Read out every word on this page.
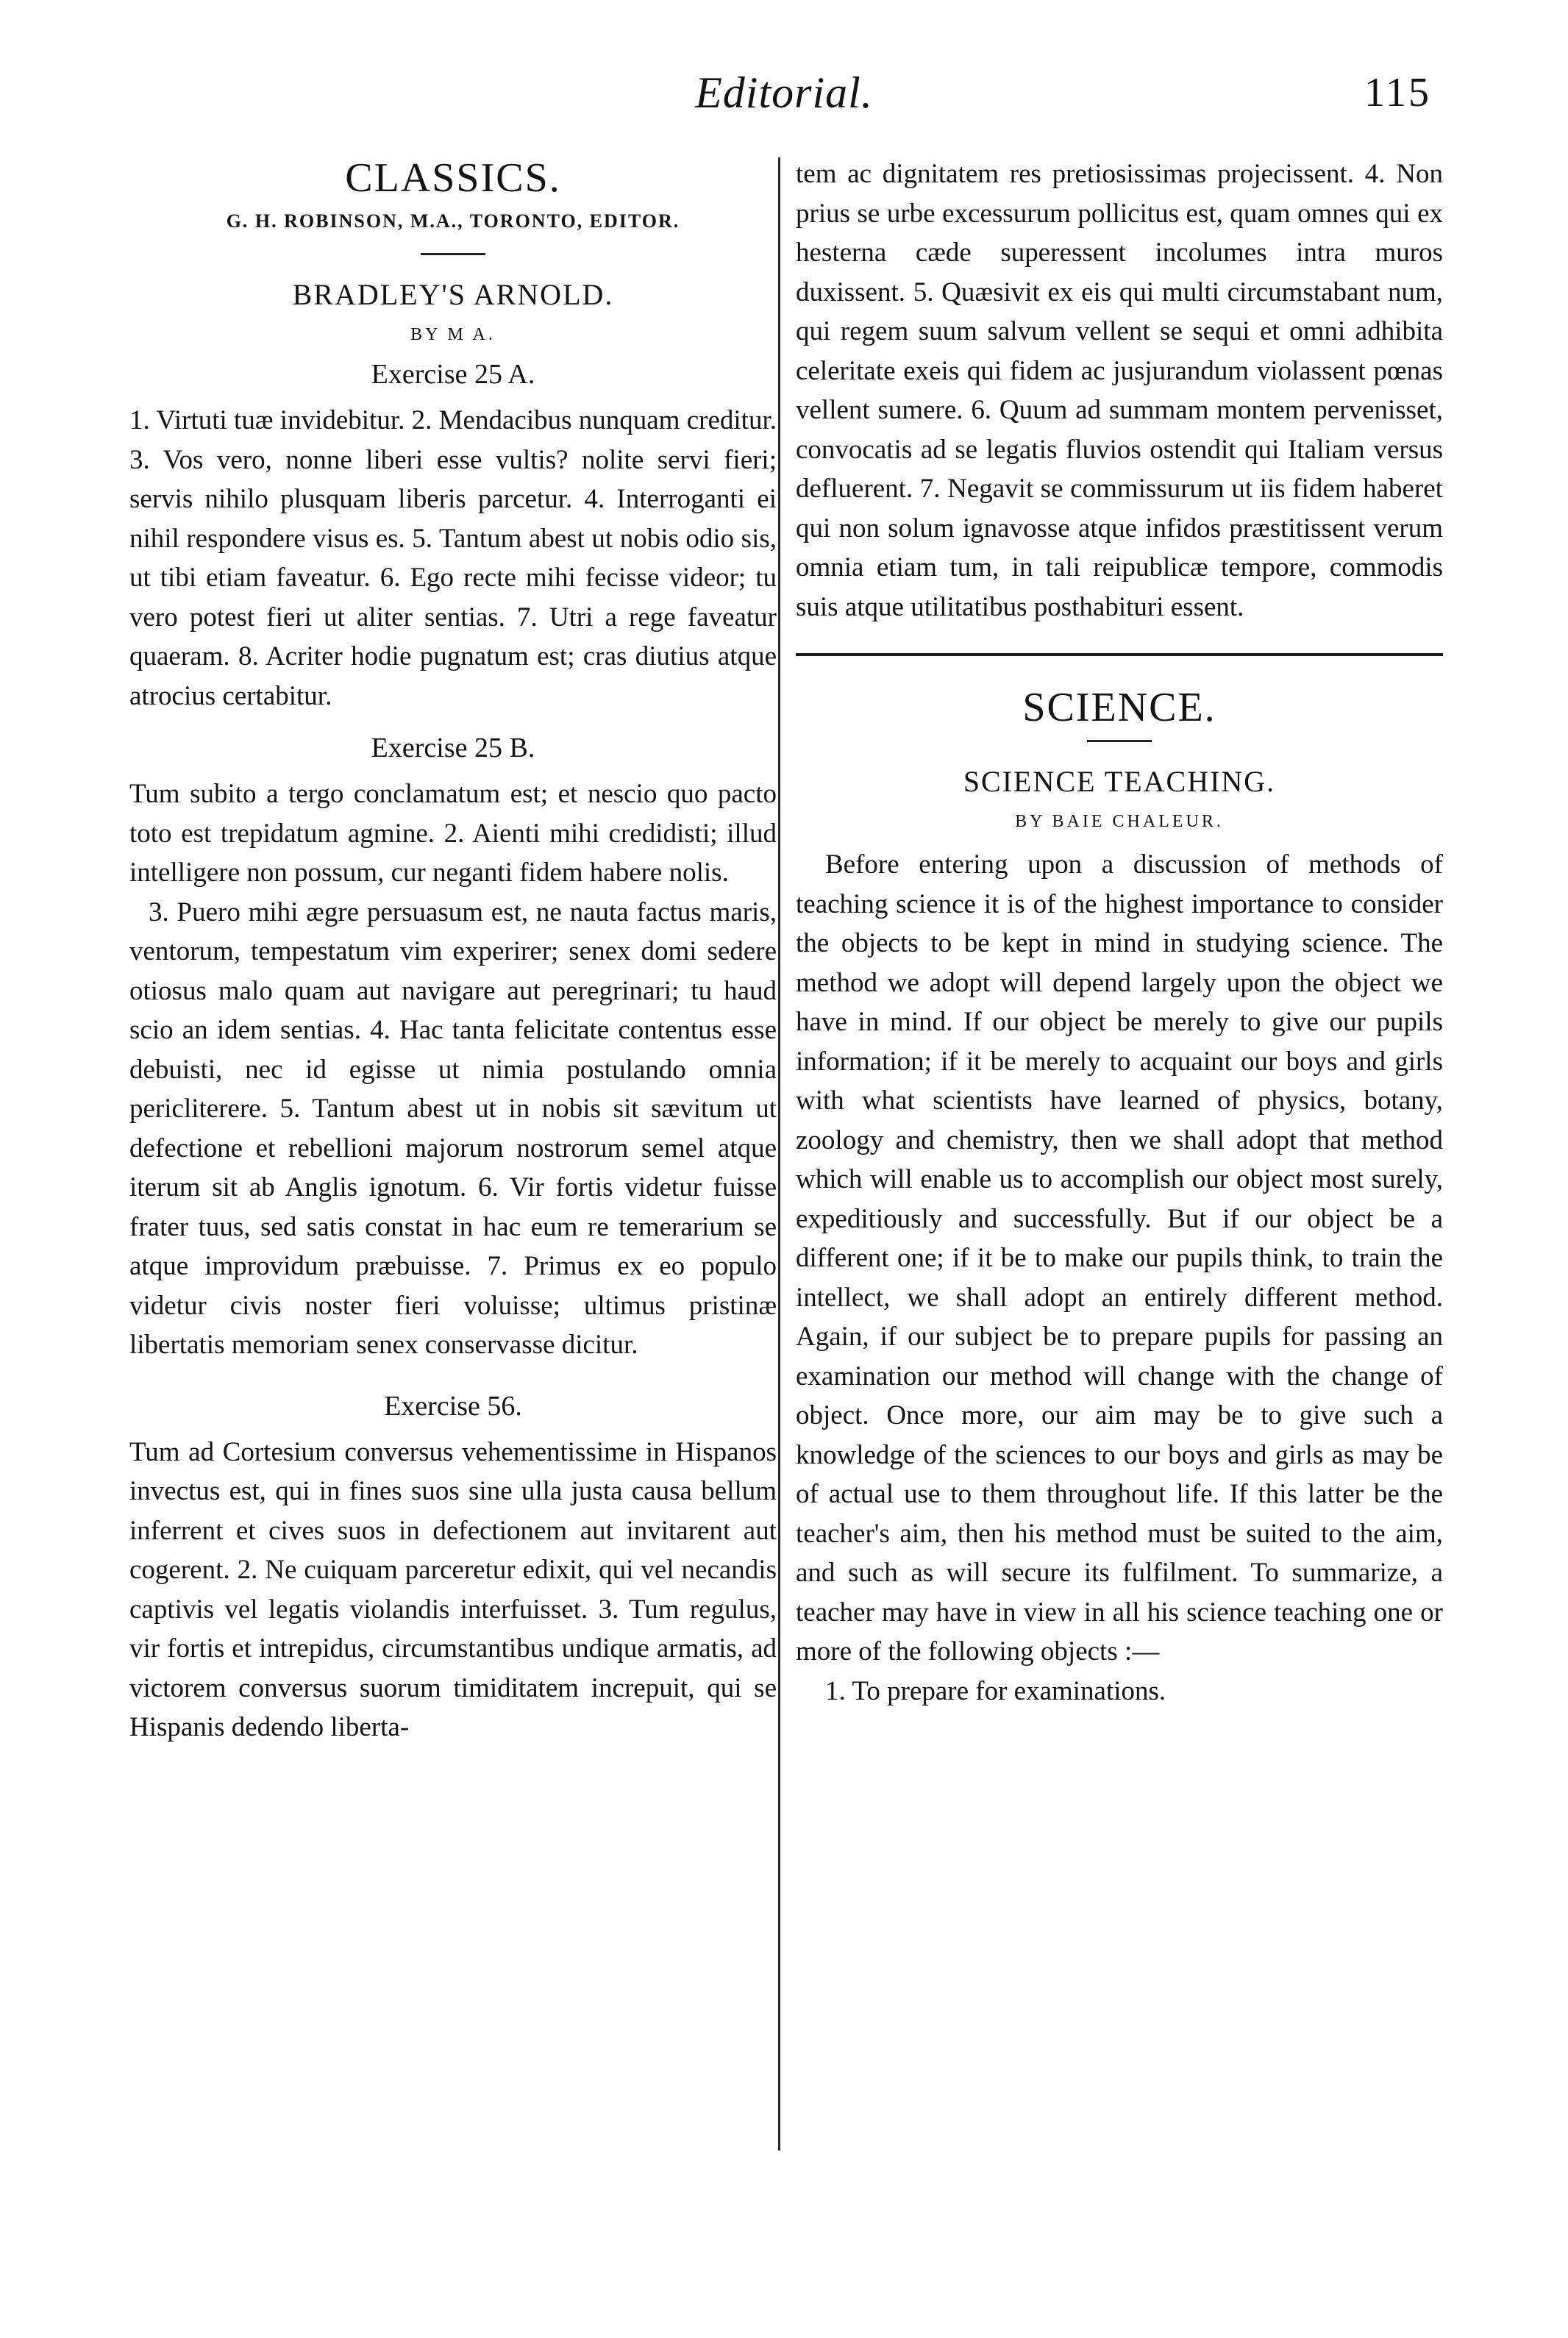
Editorial.	115
CLASSICS.
G. H. ROBINSON, M.A., TORONTO, EDITOR.
BRADLEY'S ARNOLD.
BY M A.
Exercise 25 A.

1. Virtuti tuæ invidebitur. 2. Mendacibus nunquam creditur. 3. Vos vero, nonne liberi esse vultis? nolite servi fieri; servis nihilo plusquam liberis parcetur. 4. Interroganti ei nihil respondere visus es. 5. Tantum abest ut nobis odio sis, ut tibi etiam faveatur. 6. Ego recte mihi fecisse videor; tu vero potest fieri ut aliter sentias. 7. Utri a rege faveatur quaeram. 8. Acriter hodie pugnatum est; cras diutius atque atrocius certabitur.

Exercise 25 B.

Tum subito a tergo conclamatum est; et nescio quo pacto toto est trepidatum agmine. 2. Aienti mihi credidisti; illud intelligere non possum, cur neganti fidem habere nolis.

3. Puero mihi ægre persuasum est, ne nauta factus maris, ventorum, tempestatum vim experirer; senex domi sedere otiosus malo quam aut navigare aut peregrinari; tu haud scio an idem sentias. 4. Hac tanta felicitate contentus esse debuisti, nec id egisse ut nimia postulando omnia pericliterere. 5. Tantum abest ut in nobis sit sævitum ut defectione et rebellioni majorum nostrorum semel atque iterum sit ab Anglis ignotum. 6. Vir fortis videtur fuisse frater tuus, sed satis constat in hac eum re temerarium se atque improvidum præbuisse. 7. Primus ex eo populo videtur civis noster fieri voluisse; ultimus pristinæ libertatis memoriam senex conservasse dicitur.

Exercise 56.

Tum ad Cortesium conversus vehementissime in Hispanos invectus est, qui in fines suos sine ulla justa causa bellum inferrent et cives suos in defectionem aut invitarent aut cogerent. 2. Ne cuiquam parceretur edixit, qui vel necandis captivis vel legatis violandis interfuisset. 3. Tum regulus, vir fortis et intrepidus, circumstantibus undique armatis, ad victorem conversus suorum timiditatem increpuit, qui se Hispanis dedendo liberta-

tem ac dignitatem res pretiosissimas projecissent. 4. Non prius se urbe excessurum pollicitus est, quam omnes qui ex hesterna cæde superessent incolumes intra muros duxissent. 5. Quæsivit ex eis qui multi circumstabant num, qui regem suum salvum vellent se sequi et omni adhibita celeritate exeis qui fidem ac jusjurandum violassent pœnas vellent sumere. 6. Quum ad summam montem pervenisset, convocatis ad se legatis fluvios ostendit qui Italiam versus defluerent. 7. Negavit se commissurum ut iis fidem haberet qui non solum ignavosse atque infidos præstitissent verum omnia etiam tum, in tali reipublicæ tempore, commodis suis atque utilitatibus posthabituri essent.

SCIENCE.
SCIENCE TEACHING.
BY BAIE CHALEUR.

Before entering upon a discussion of methods of teaching science it is of the highest importance to consider the objects to be kept in mind in studying science. The method we adopt will depend largely upon the object we have in mind. If our object be merely to give our pupils information; if it be merely to acquaint our boys and girls with what scientists have learned of physics, botany, zoology and chemistry, then we shall adopt that method which will enable us to accomplish our object most surely, expeditiously and successfully. But if our object be a different one; if it be to make our pupils think, to train the intellect, we shall adopt an entirely different method. Again, if our subject be to prepare pupils for passing an examination our method will change with the change of object. Once more, our aim may be to give such a knowledge of the sciences to our boys and girls as may be of actual use to them throughout life. If this latter be the teacher's aim, then his method must be suited to the aim, and such as will secure its fulfilment. To summarize, a teacher may have in view in all his science teaching one or more of the following objects :—

1. To prepare for examinations.
